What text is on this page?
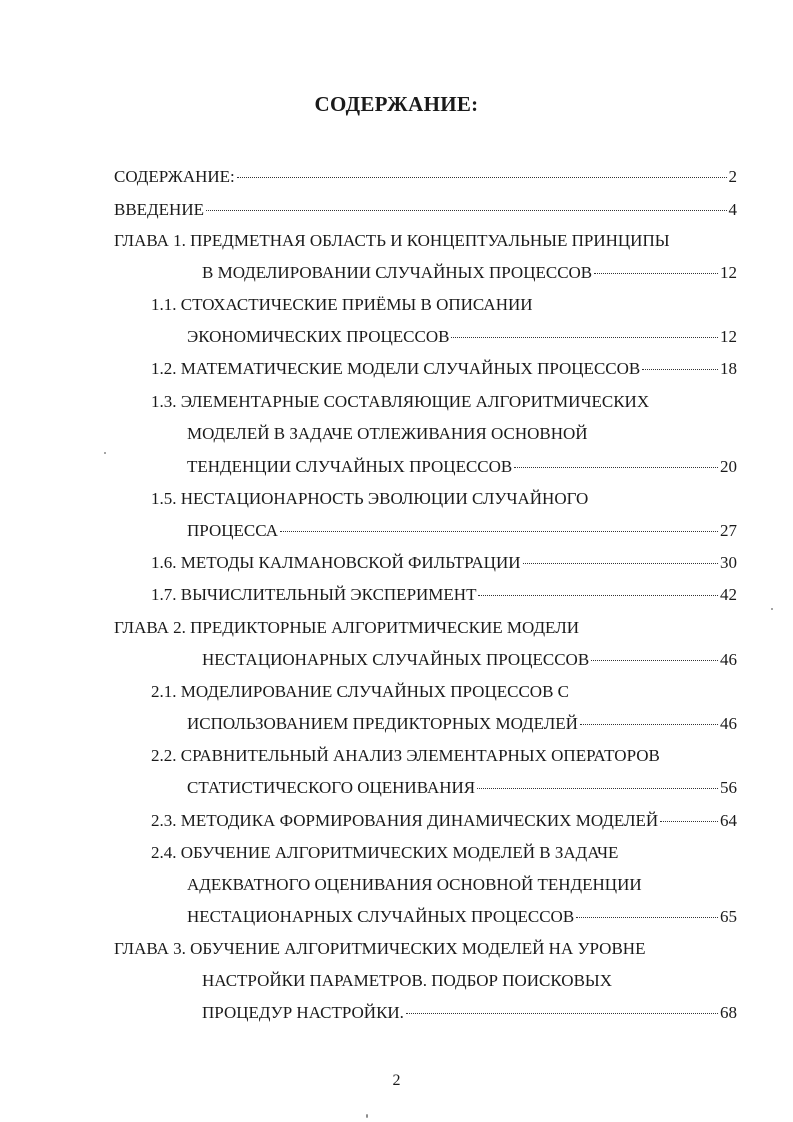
СОДЕРЖАНИЕ:
СОДЕРЖАНИЕ:	2
ВВЕДЕНИЕ	4
ГЛАВА 1. ПРЕДМЕТНАЯ ОБЛАСТЬ И КОНЦЕПТУАЛЬНЫЕ ПРИНЦИПЫ
В МОДЕЛИРОВАНИИ СЛУЧАЙНЫХ ПРОЦЕССОВ	12
1.1. СТОХАСТИЧЕСКИЕ ПРИЁМЫ В ОПИСАНИИ
ЭКОНОМИЧЕСКИХ ПРОЦЕССОВ	12
1.2. МАТЕМАТИЧЕСКИЕ МОДЕЛИ СЛУЧАЙНЫХ ПРОЦЕССОВ	18
1.3. ЭЛЕМЕНТАРНЫЕ СОСТАВЛЯЮЩИЕ АЛГОРИТМИЧЕСКИХ
МОДЕЛЕЙ В ЗАДАЧЕ ОТЛЕЖИВАНИЯ ОСНОВНОЙ
ТЕНДЕНЦИИ СЛУЧАЙНЫХ ПРОЦЕССОВ	20
1.5. НЕСТАЦИОНАРНОСТЬ ЭВОЛЮЦИИ СЛУЧАЙНОГО
ПРОЦЕССА	27
1.6. МЕТОДЫ КАЛМАНОВСКОЙ ФИЛЬТРАЦИИ	30
1.7. ВЫЧИСЛИТЕЛЬНЫЙ ЭКСПЕРИМЕНТ	42
ГЛАВА 2. ПРЕДИКТОРНЫЕ АЛГОРИТМИЧЕСКИЕ МОДЕЛИ
НЕСТАЦИОНАРНЫХ СЛУЧАЙНЫХ ПРОЦЕССОВ	46
2.1. МОДЕЛИРОВАНИЕ СЛУЧАЙНЫХ ПРОЦЕССОВ С
ИСПОЛЬЗОВАНИЕМ ПРЕДИКТОРНЫХ МОДЕЛЕЙ	46
2.2. СРАВНИТЕЛЬНЫЙ АНАЛИЗ ЭЛЕМЕНТАРНЫХ ОПЕРАТОРОВ
СТАТИСТИЧЕСКОГО ОЦЕНИВАНИЯ	56
2.3. МЕТОДИКА ФОРМИРОВАНИЯ ДИНАМИЧЕСКИХ МОДЕЛЕЙ	64
2.4. ОБУЧЕНИЕ АЛГОРИТМИЧЕСКИХ МОДЕЛЕЙ В ЗАДАЧЕ
АДЕКВАТНОГО ОЦЕНИВАНИЯ ОСНОВНОЙ ТЕНДЕНЦИИ
НЕСТАЦИОНАРНЫХ СЛУЧАЙНЫХ ПРОЦЕССОВ	65
ГЛАВА 3. ОБУЧЕНИЕ АЛГОРИТМИЧЕСКИХ МОДЕЛЕЙ НА УРОВНЕ
НАСТРОЙКИ ПАРАМЕТРОВ. ПОДБОР ПОИСКОВЫХ
ПРОЦЕДУР НАСТРОЙКИ.	68
2
